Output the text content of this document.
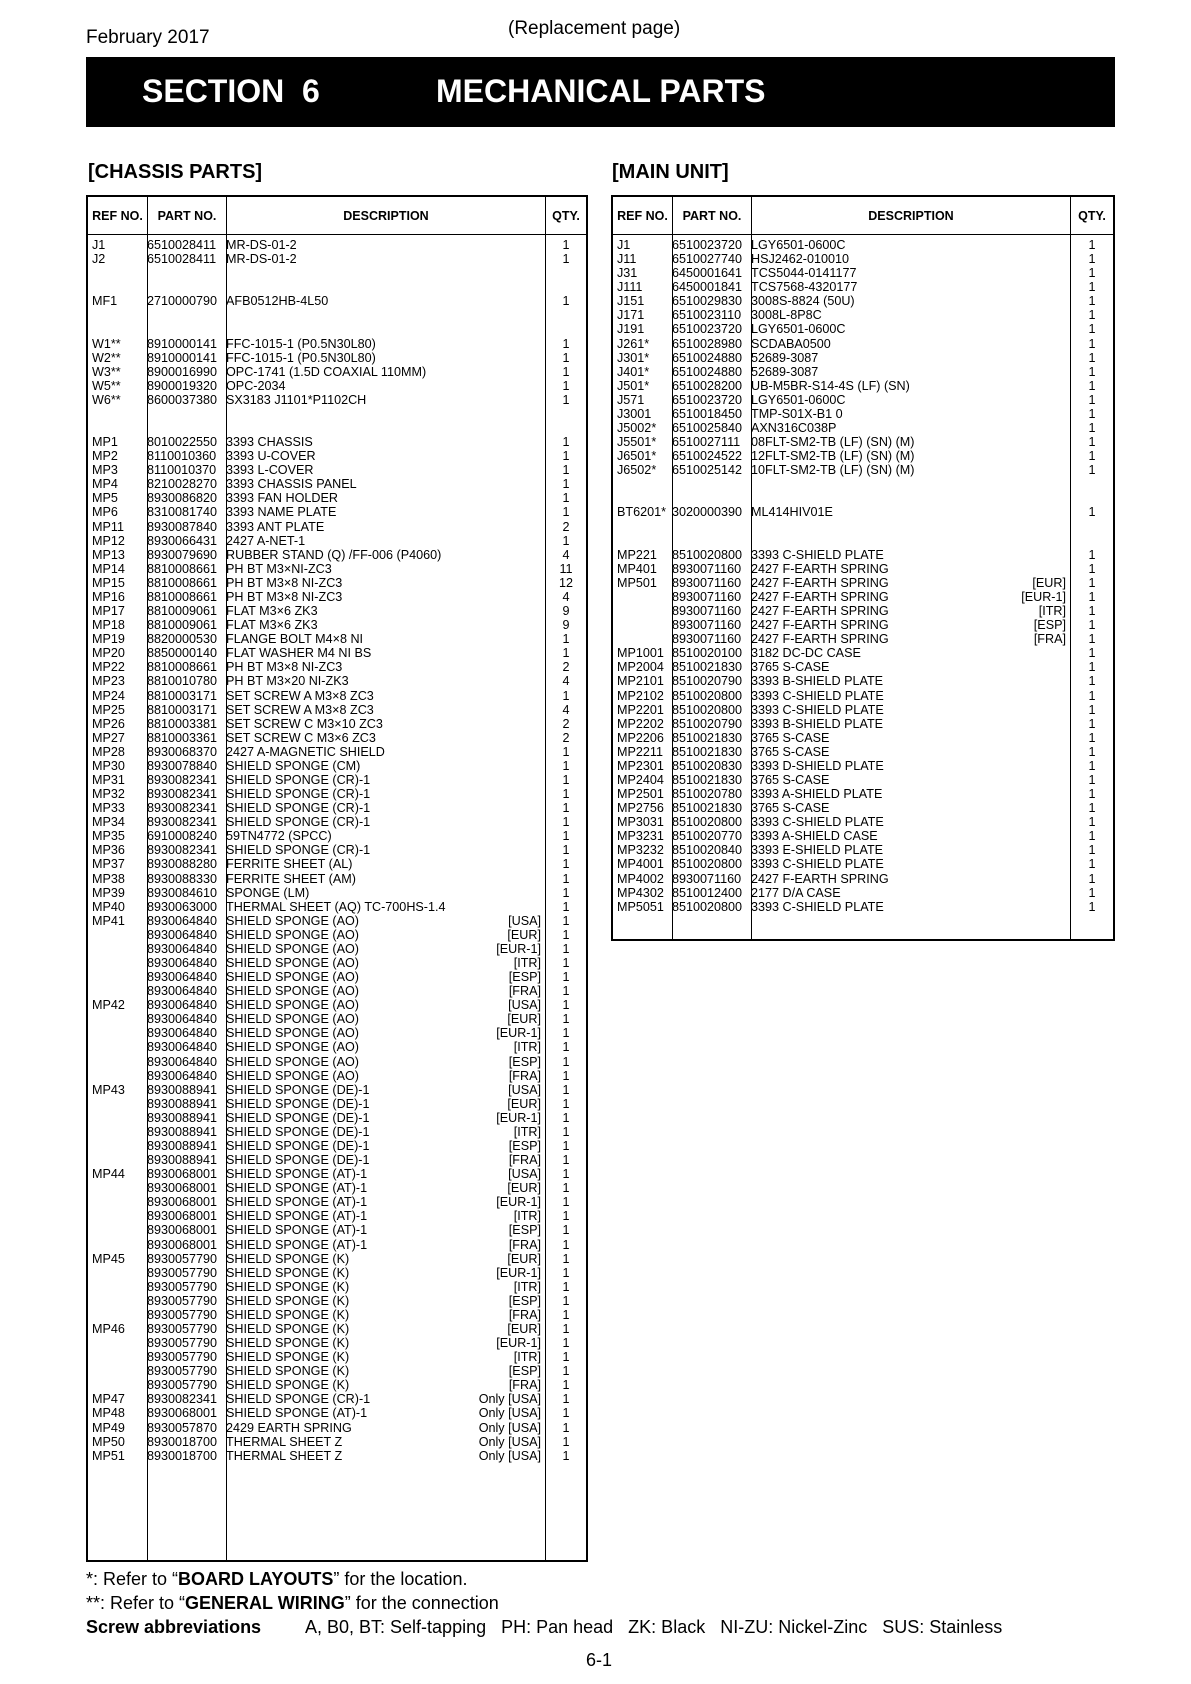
February 2017	(Replacement page)
SECTION  6	MECHANICAL PARTS
[CHASSIS PARTS]	[MAIN UNIT]
REF NO.	PART NO.	DESCRIPTION	QTY.
J1	6510028411 MR-DS-01-2	1
J2	6510028411 MR-DS-01-2	1
MF1 2710000790 AFB0512HB-4L50	1
W1** 8910000141 FFC-1015-1 (P0.5N30L80)	1
W2** 8910000141 FFC-1015-1 (P0.5N30L80)	1
W3** 8900016990 OPC-1741 (1.5D COAXIAL 110MM)	1
W5** 8900019320 OPC-2034	1
W6** 8600037380 SX3183 J1101*P1102CH	1
MP1 8010022550 3393 CHASSIS	1
MP2 8110010360 3393 U-COVER	1
MP3 8110010370 3393 L-COVER	1
MP4 8210028270 3393 CHASSIS PANEL	1
MP5 8930086820 3393 FAN HOLDER	1
MP6 8310081740 3393 NAME PLATE	1
MP11 8930087840 3393 ANT PLATE	2
MP12 8930066431 2427 A-NET-1	1
MP13 8930079690 RUBBER STAND (Q) /FF-006 (P4060)	4
MP14 8810008661 PH BT M3×NI-ZC3	11
MP15 8810008661 PH BT M3×8 NI-ZC3	12
MP16 8810008661 PH BT M3×8 NI-ZC3	4
MP17 8810009061 FLAT M3×6 ZK3	9
MP18 8810009061 FLAT M3×6 ZK3	9
MP19 8820000530 FLANGE BOLT M4×8 NI	1
MP20 8850000140 FLAT WASHER M4 NI BS	1
MP22 8810008661 PH BT M3×8 NI-ZC3	2
MP23 8810010780 PH BT M3×20 NI-ZK3	4
MP24 8810003171 SET SCREW A M3×8 ZC3	1
MP25 8810003171 SET SCREW A M3×8 ZC3	4
MP26 8810003381 SET SCREW C M3×10 ZC3	2
MP27 8810003361 SET SCREW C M3×6 ZC3	2
MP28 8930068370 2427 A-MAGNETIC SHIELD	1
MP30 8930078840 SHIELD SPONGE (CM)	1
MP31 8930082341 SHIELD SPONGE (CR)-1	1
MP32 8930082341 SHIELD SPONGE (CR)-1	1
MP33 8930082341 SHIELD SPONGE (CR)-1	1
MP34 8930082341 SHIELD SPONGE (CR)-1	1
MP35 6910008240 59TN4772 (SPCC)	1
MP36 8930082341 SHIELD SPONGE (CR)-1	1
MP37 8930088280 FERRITE SHEET (AL)	1
MP38 8930088330 FERRITE SHEET (AM)	1
MP39 8930084610 SPONGE (LM)	1
MP40 8930063000 THERMAL SHEET (AQ) TC-700HS-1.4	1
MP41 8930064840 SHIELD SPONGE (AO)	[USA]	1
8930064840 SHIELD SPONGE (AO)	[EUR]	1
8930064840 SHIELD SPONGE (AO)	[EUR-1]	1
8930064840 SHIELD SPONGE (AO)	[ITR]	1
8930064840 SHIELD SPONGE (AO)	[ESP]	1
8930064840 SHIELD SPONGE (AO)	[FRA]	1
MP42 8930064840 SHIELD SPONGE (AO)	[USA]	1
8930064840 SHIELD SPONGE (AO)	[EUR]	1
8930064840 SHIELD SPONGE (AO)	[EUR-1]	1
8930064840 SHIELD SPONGE (AO)	[ITR]	1
8930064840 SHIELD SPONGE (AO)	[ESP]	1
8930064840 SHIELD SPONGE (AO)	[FRA]	1
MP43 8930088941 SHIELD SPONGE (DE)-1	[USA]	1
8930088941 SHIELD SPONGE (DE)-1	[EUR]	1
8930088941 SHIELD SPONGE (DE)-1	[EUR-1]	1
8930088941 SHIELD SPONGE (DE)-1	[ITR]	1
8930088941 SHIELD SPONGE (DE)-1	[ESP]	1
8930088941 SHIELD SPONGE (DE)-1	[FRA]	1
MP44 8930068001 SHIELD SPONGE (AT)-1	[USA]	1
8930068001 SHIELD SPONGE (AT)-1	[EUR]	1
8930068001 SHIELD SPONGE (AT)-1	[EUR-1]	1
8930068001 SHIELD SPONGE (AT)-1	[ITR]	1
8930068001 SHIELD SPONGE (AT)-1	[ESP]	1
8930068001 SHIELD SPONGE (AT)-1	[FRA]	1
MP45 8930057790 SHIELD SPONGE (K)	[EUR]	1
8930057790 SHIELD SPONGE (K)	[EUR-1]	1
8930057790 SHIELD SPONGE (K)	[ITR]	1
8930057790 SHIELD SPONGE (K)	[ESP]	1
8930057790 SHIELD SPONGE (K)	[FRA]	1
MP46 8930057790 SHIELD SPONGE (K)	[EUR]	1
8930057790 SHIELD SPONGE (K)	[EUR-1]	1
8930057790 SHIELD SPONGE (K)	[ITR]	1
8930057790 SHIELD SPONGE (K)	[ESP]	1
8930057790 SHIELD SPONGE (K)	[FRA]	1
MP47 8930082341 SHIELD SPONGE (CR)-1	Only [USA]	1
MP48 8930068001 SHIELD SPONGE (AT)-1	Only [USA]	1
MP49 8930057870 2429 EARTH SPRING	Only [USA]	1
MP50 8930018700 THERMAL SHEET Z	Only [USA]	1
MP51 8930018700 THERMAL SHEET Z	Only [USA]	1
REF NO.	PART NO.	DESCRIPTION	QTY.
J1	6510023720 LGY6501-0600C	1
J11	6510027740 HSJ2462-010010	1
J31	6450001641 TCS5044-0141177	1
J111 6450001841 TCS7568-4320177	1
J151 6510029830 3008S-8824 (50U)	1
J171 6510023110 3008L-8P8C	1
J191 6510023720 LGY6501-0600C	1
J261* 6510028980 SCDABA0500	1
J301* 6510024880 52689-3087	1
J401* 6510024880 52689-3087	1
J501* 6510028200 UB-M5BR-S14-4S (LF) (SN)	1
J571 6510023720 LGY6501-0600C	1
J3001 6510018450 TMP-S01X-B1 0	1
J5002* 6510025840 AXN316C038P	1
J5501* 6510027111 08FLT-SM2-TB (LF) (SN) (M)	1
J6501* 6510024522 12FLT-SM2-TB (LF) (SN) (M)	1
J6502* 6510025142 10FLT-SM2-TB (LF) (SN) (M)	1
BT6201* 3020000390 ML414HIV01E	1
MP221 8510020800 3393 C-SHIELD PLATE	1
MP401 8930071160 2427 F-EARTH SPRING	1
MP501 8930071160 2427 F-EARTH SPRING	[EUR]	1
8930071160 2427 F-EARTH SPRING	[EUR-1]	1
8930071160 2427 F-EARTH SPRING	[ITR]	1
8930071160 2427 F-EARTH SPRING	[ESP]	1
8930071160 2427 F-EARTH SPRING	[FRA]	1
MP1001 8510020100 3182 DC-DC CASE	1
MP2004 8510021830 3765 S-CASE	1
MP2101 8510020790 3393 B-SHIELD PLATE	1
MP2102 8510020800 3393 C-SHIELD PLATE	1
MP2201 8510020800 3393 C-SHIELD PLATE	1
MP2202 8510020790 3393 B-SHIELD PLATE	1
MP2206 8510021830 3765 S-CASE	1
MP2211 8510021830 3765 S-CASE	1
MP2301 8510020830 3393 D-SHIELD PLATE	1
MP2404 8510021830 3765 S-CASE	1
MP2501 8510020780 3393 A-SHIELD PLATE	1
MP2756 8510021830 3765 S-CASE	1
MP3031 8510020800 3393 C-SHIELD PLATE	1
MP3231 8510020770 3393 A-SHIELD CASE	1
MP3232 8510020840 3393 E-SHIELD PLATE	1
MP4001 8510020800 3393 C-SHIELD PLATE	1
MP4002 8930071160 2427 F-EARTH SPRING	1
MP4302 8510012400 2177 D/A CASE	1
MP5051 8510020800 3393 C-SHIELD PLATE	1
*: Refer to “BOARD LAYOUTS” for the location.
**: Refer to “GENERAL WIRING” for the connection
Screw abbreviations A, B0, BT: Self-tapping   PH: Pan head   ZK: Black   NI-ZU: Nickel-Zinc   SUS: Stainless
6-1
